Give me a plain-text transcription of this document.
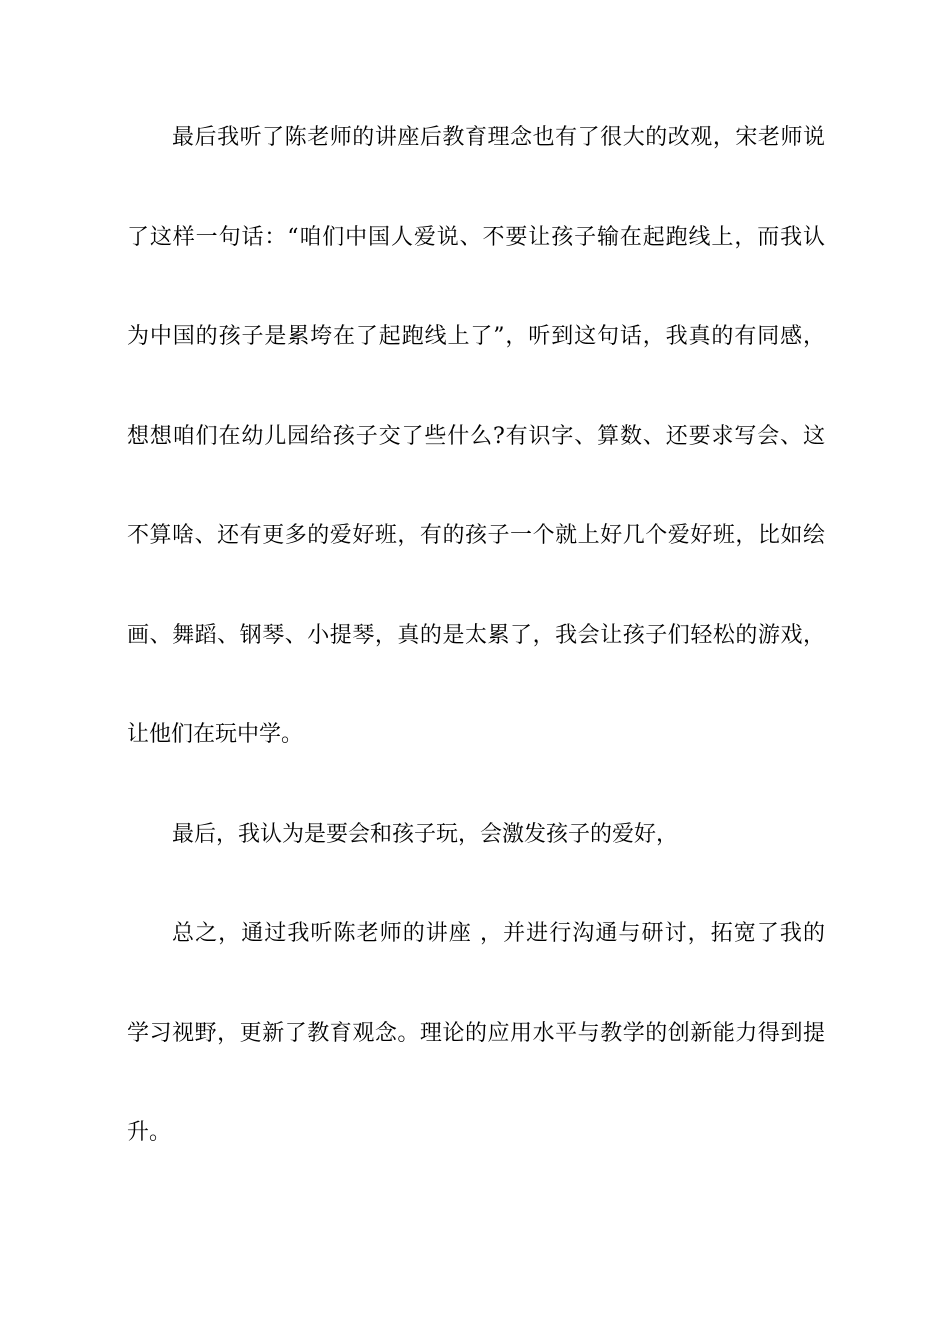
最后我听了陈老师的讲座后教育理念也有了很大的改观，宋老师说
了这样一句话：“咱们中国人爱说、不要让孩子输在起跑线上，而我认
为中国的孩子是累垮在了起跑线上了”，听到这句话，我真的有同感，
想想咱们在幼儿园给孩子交了些什么?有识字、算数、还要求写会、这
不算啥、还有更多的爱好班，有的孩子一个就上好几个爱好班，比如绘
画、舞蹈、钢琴、小提琴，真的是太累了，我会让孩子们轻松的游戏，
让他们在玩中学。
最后，我认为是要会和孩子玩，会激发孩子的爱好，
总之，通过我听陈老师的讲座 ，并进行沟通与研讨，拓宽了我的
学习视野，更新了教育观念。理论的应用水平与教学的创新能力得到提
升。
